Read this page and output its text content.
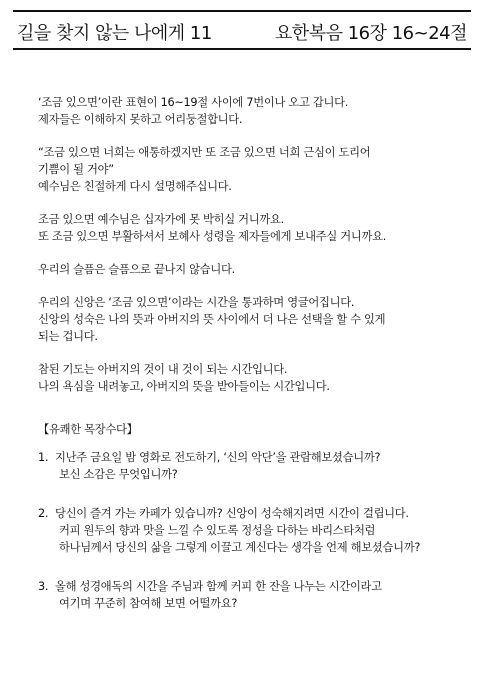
길을 찾지 않는 나에게 11	요한복음 16장 16~24절
‘조금 있으면’이란 표현이 16~19절 사이에 7번이나 오고 갑니다.
제자들은 이해하지 못하고 어리둥절합니다.
“조금 있으면 너희는 애통하겠지만 또 조금 있으면 너희 근심이 도리어
기쁨이 될 거야”
예수님은 친절하게 다시 설명해주십니다.
조금 있으면 예수님은 십자가에 못 박히실 거니까요.
또 조금 있으면 부활하셔서 보혜사 성령을 제자들에게 보내주실 거니까요.
우리의 슬픔은 슬픔으로 끝나지 않습니다.
우리의 신앙은 ‘조금 있으면’이라는 시간을 통과하며 영글어집니다.
신앙의 성숙은 나의 뜻과 아버지의 뜻 사이에서 더 나은 선택을 할 수 있게
되는 겁니다.
참된 기도는 아버지의 것이 내 것이 되는 시간입니다.
나의 욕심을 내려놓고, 아버지의 뜻을 받아들이는 시간입니다.
【유쾌한 목장수다】
1. 지난주 금요일 밤 영화로 전도하기, ‘신의 악단’을 관람해보셨습니까?
보신 소감은 무엇입니까?
2. 당신이 즐겨 가는 카페가 있습니까? 신앙이 성숙해지려면 시간이 걸립니다.
커피 원두의 향과 맛을 느낄 수 있도록 정성을 다하는 바리스타처럼
하나님께서 당신의 삶을 그렇게 이끌고 계신다는 생각을 언제 해보셨습니까?
3. 올해 성경애독의 시간을 주님과 함께 커피 한 잔을 나누는 시간이라고
여기며 꾸준히 참여해 보면 어떨까요?
